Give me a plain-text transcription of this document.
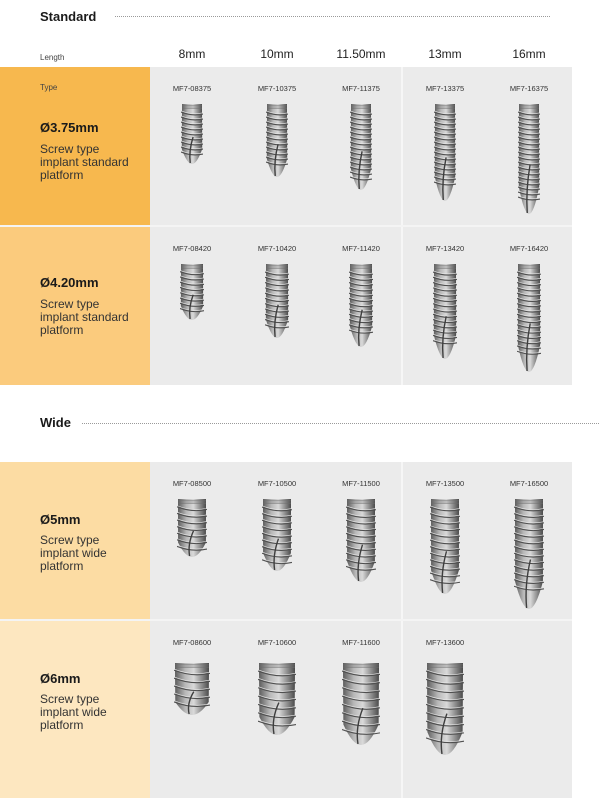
Standard
Length	8mm	10mm	11.50mm	13mm	16mm
Type
Ø3.75mm
Screw type implant standard platform
MF7-08375	MF7-10375	MF7-11375	MF7-13375	MF7-16375
Ø4.20mm
Screw type implant standard platform
MF7-08420	MF7-10420	MF7-11420	MF7-13420	MF7-16420
Wide
Ø5mm
Screw type implant wide platform
MF7-08500	MF7-10500	MF7-11500	MF7-13500	MF7-16500
Ø6mm
Screw type implant wide platform
MF7-08600	MF7-10600	MF7-11600	MF7-13600
